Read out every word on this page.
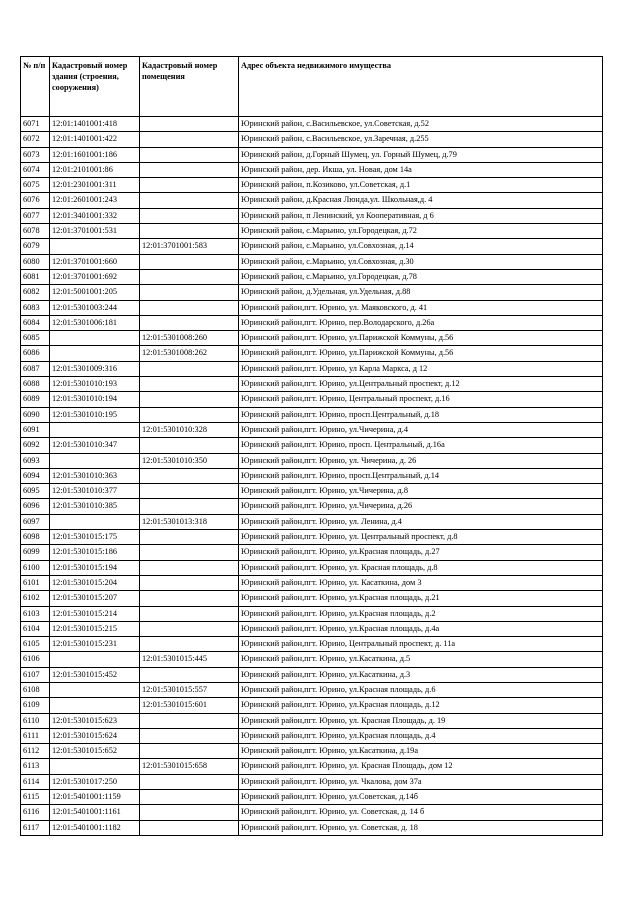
№ п/п	Кадастровый номер здания (строения, сооружения)	Кадастровый номер помещения	Адрес объекта недвижимого имущества
6071	12:01:1401001:418		Юринский район, с.Васильевское, ул.Советская, д.52
6072	12:01:1401001:422		Юринский район, с.Васильевское, ул.Заречная, д.255
6073	12:01:1601001:186		Юринский район, д.Горный Шумец, ул. Горный Шумец, д.79
6074	12:01:2101001:86		Юринский район, дер. Икша, ул. Новая, дом 14а
6075	12:01:2301001:311		Юринский район, п.Козиково, ул.Советская, д.1
6076	12:01:2601001:243		Юринский район, д.Красная Люнда,ул. Школьная,д. 4
6077	12:01:3401001:332		Юринский район, п Ленинский, ул Кооперативная, д 6
6078	12:01:3701001:531		Юринский район, с.Марьино, ул.Городецкая, д.72
6079		12:01:3701001:583	Юринский район, с.Марьино, ул.Совхозная, д.14
6080	12:01:3701001:660		Юринский район, с.Марьино, ул.Совхозная, д.30
6081	12:01:3701001:692		Юринский район, с.Марьино, ул.Городецкая, д.78
6082	12:01:5001001:205		Юринский район, д.Удельная, ул.Удельная, д.88
6083	12:01:5301003:244		Юринский район,пгт. Юрино, ул. Маяковского, д. 41
6084	12:01:5301006:181		Юринский район,пгт. Юрино, пер.Володарского, д.26а
6085		12:01:5301008:260	Юринский район,пгт. Юрино, ул.Парижской Коммуны, д.56
6086		12:01:5301008:262	Юринский район,пгт. Юрино, ул.Парижской Коммуны, д.56
6087	12:01:5301009:316		Юринский район,пгт. Юрино, ул Карла Маркса, д 12
6088	12:01:5301010:193		Юринский район,пгт. Юрино, ул.Центральный проспект, д.12
6089	12:01:5301010:194		Юринский район,пгт. Юрино, Центральный проспект, д.16
6090	12:01:5301010:195		Юринский район,пгт. Юрино, просп.Центральный, д.18
6091		12:01:5301010:328	Юринский район,пгт. Юрино, ул.Чичерина, д.4
6092	12:01:5301010:347		Юринский район,пгт. Юрино, просп. Центральный, д.16а
6093		12:01:5301010:350	Юринский район,пгт. Юрино, ул. Чичерина, д. 26
6094	12:01:5301010:363		Юринский район,пгт. Юрино, просп.Центральный, д.14
6095	12:01:5301010:377		Юринский район,пгт. Юрино, ул.Чичерина, д.8
6096	12:01:5301010:385		Юринский район,пгт. Юрино, ул.Чичерина, д.26
6097		12:01:5301013:318	Юринский район,пгт. Юрино, ул. Ленина, д.4
6098	12:01:5301015:175		Юринский район,пгт. Юрино, ул. Центральный проспект, д.8
6099	12:01:5301015:186		Юринский район,пгт. Юрино, ул.Красная площадь, д.27
6100	12:01:5301015:194		Юринский район,пгт. Юрино, ул. Красная площадь, д.8
6101	12:01:5301015:204		Юринский район,пгт. Юрино, ул. Касаткина, дом 3
6102	12:01:5301015:207		Юринский район,пгт. Юрино, ул.Красная площадь, д.21
6103	12:01:5301015:214		Юринский район,пгт. Юрино, ул.Красная площадь, д.2
6104	12:01:5301015:215		Юринский район,пгт. Юрино, ул.Красная площадь, д.4а
6105	12:01:5301015:231		Юринский район,пгт. Юрино, Центральный проспект, д. 11а
6106		12:01:5301015:445	Юринский район,пгт. Юрино, ул.Касаткина, д.5
6107	12:01:5301015:452		Юринский район,пгт. Юрино, ул.Касаткина, д.3
6108		12:01:5301015:557	Юринский район,пгт. Юрино, ул.Красная площадь, д.6
6109		12:01:5301015:601	Юринский район,пгт. Юрино, ул.Красная площадь, д.12
6110	12:01:5301015:623		Юринский район,пгт. Юрино, ул. Красная Площадь, д. 19
6111	12:01:5301015:624		Юринский район,пгт. Юрино, ул.Красная площадь, д.4
6112	12:01:5301015:652		Юринский район,пгт. Юрино, ул.Касаткина, д.19а
6113		12:01:5301015:658	Юринский район,пгт. Юрино, ул. Красная Площадь, дом 12
6114	12:01:5301017:250		Юринский район,пгт. Юрино, ул. Чкалова, дом 37а
6115	12:01:5401001:1159		Юринский район,пгт. Юрино, ул.Советская, д.14б
6116	12:01:5401001:1161		Юринский район,пгт. Юрино, ул. Советская, д. 14 б
6117	12:01:5401001:1182		Юринский район,пгт. Юрино, ул. Советская, д. 18
